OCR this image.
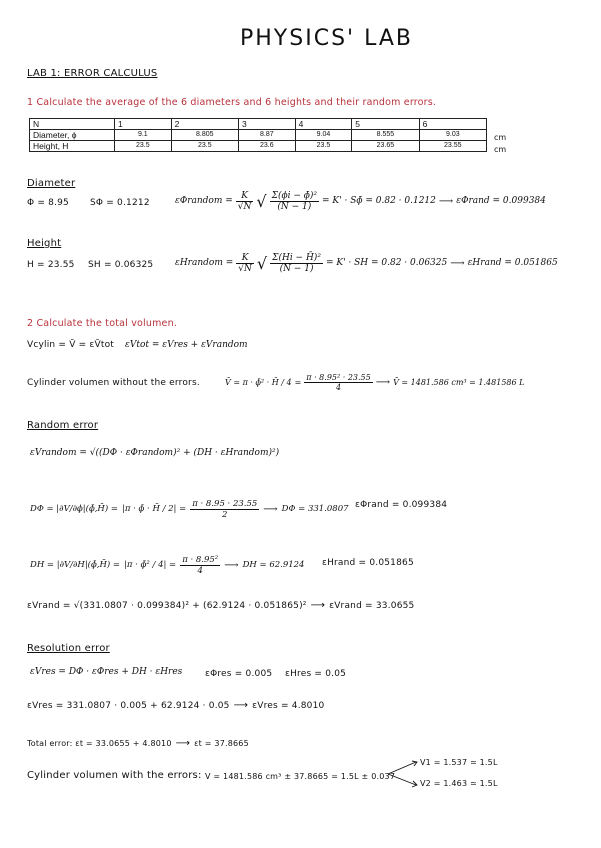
PHYSICS' LAB
LAB 1: ERROR CALCULUS
1 Calculate the average of the 6 diameters and 6 heights and their random errors.
N	1	2	3	4	5	6
Diameter, ϕ	9.1	8.805	8.87	9.04	8.555	9.03
Height, H	23.5	23.5	23.6	23.5	23.65	23.55
cm
cm
Diameter
Φ = 8.95 SΦ = 0.1212	εΦrandom = $\frac{K}{√N}$ √ $\frac{\text{Σ(ϕi − ϕ̄)²}}{(N - 1)} = K'$ · Sϕ̄ = 0.82 · 0.1212 ⟶ εΦrand = 0.099384
Height
H = 23.55 SH = 0.06325 εHrandom = $\frac{K}{√N}$ √ $\frac{\text{Σ(Hi − H̄)²}}{(N - 1)} = K'$ · SH = 0.82 · 0.06325 ⟶ εHrand = 0.051865
2 Calculate the total volumen.
Vcylin = V̄ = εV̄tot εVtot = εVres + εVrandom
Cylinder volumen without the errors.	V̄ = π · ϕ̄² · H̄ / $4 = \frac{\text{π · 8.95² · 23.55}}{4}$ ⟶ V̄ = 1481.586 cm³ = 1.481586 L
Random error
εVrandom = √((DΦ · εΦrandom)² + (DH · εHrandom)²)
DΦ = |∂V/∂ϕ|(ϕ̄,H̄) = |π · ϕ̄ · H̄ / $2| = \frac{\pi \cdot 8.95 \cdot 23.55}{2}$ ⟶ DΦ = 331.0807 εΦrand = 0.099384
DH = |∂V/∂H|(ϕ̄,H̄) = |π · ϕ̄² / $4| = \frac{\text{π · 8.95²}}{4}$ ⟶ DH = 62.9124 εHrand = 0.051865
εVrand = √(331.0807 · 0.099384)² + (62.9124 · 0.051865)² ⟶ εVrand = 33.0655
Resolution error
εVres = DΦ · εΦres + DH · εHres	εΦres = 0.005 εHres = 0.05
εVres = 331.0807 · 0.005 + 62.9124 · 0.05 ⟶ εVres = 4.8010
Total error: εt = 33.0655 + 4.8010 ⟶ εt = 37.8665
Cylinder volumen with the errors: V = 1481.586 cm³ ± 37.8665 = 1.5L ± 0.037
V1 = 1.537 ≃ 1.5L
V2 = 1.463 ≃ 1.5L
